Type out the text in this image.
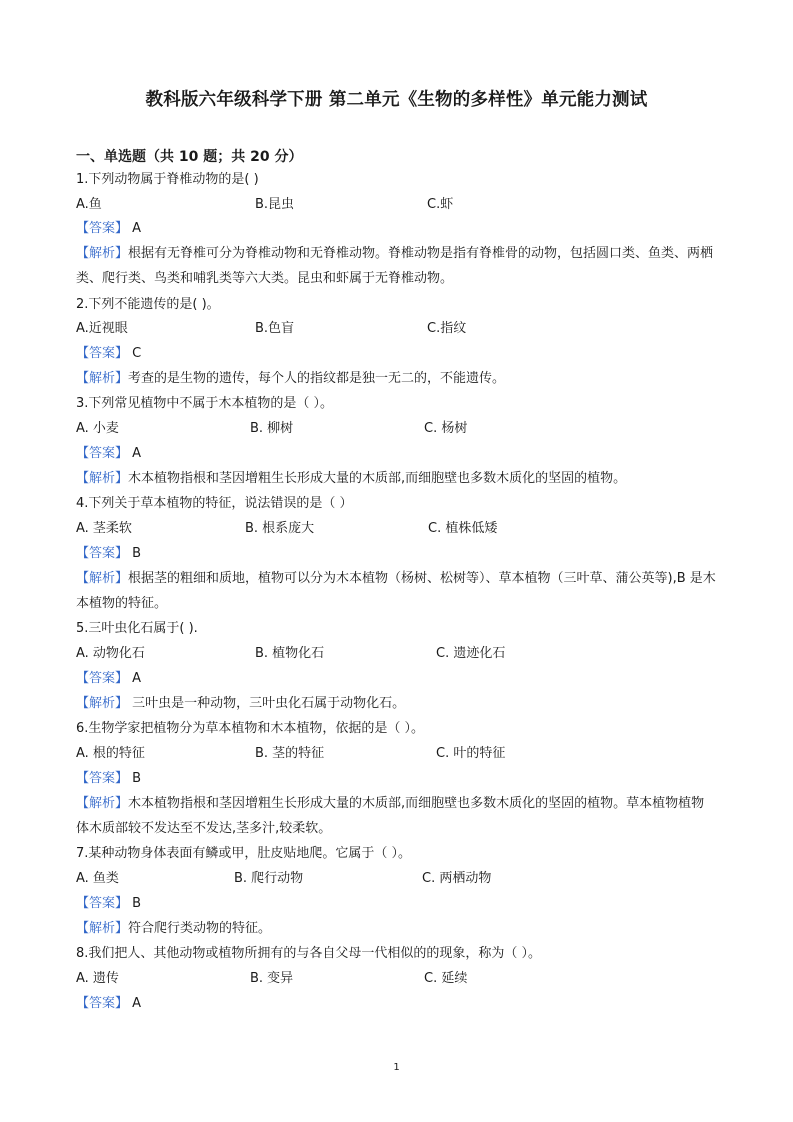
教科版六年级科学下册 第二单元《生物的多样性》单元能力测试
一、单选题（共 10 题；共 20 分）
1.下列动物属于脊椎动物的是( )
A.鱼	B.昆虫	C.虾
【答案】 A
【解析】根据有无脊椎可分为脊椎动物和无脊椎动物。脊椎动物是指有脊椎骨的动物，包括圆口类、鱼类、两栖类、爬行类、鸟类和哺乳类等六大类。昆虫和虾属于无脊椎动物。
2.下列不能遗传的是( )。
A.近视眼	B.色盲	C.指纹
【答案】 C
【解析】考查的是生物的遗传，每个人的指纹都是独一无二的，不能遗传。
3.下列常见植物中不属于木本植物的是（ ）。
A. 小麦	B. 柳树	C. 杨树
【答案】 A
【解析】木本植物指根和茎因增粗生长形成大量的木质部,而细胞壁也多数木质化的坚固的植物。
4.下列关于草本植物的特征，说法错误的是（ ）
A. 茎柔软	B. 根系庞大	C. 植株低矮
【答案】 B
【解析】根据茎的粗细和质地，植物可以分为木本植物（杨树、松树等）、草本植物（三叶草、蒲公英等),B 是木本植物的特征。
5.三叶虫化石属于( ).
A. 动物化石	B. 植物化石	C. 遗迹化石
【答案】 A
【解析】 三叶虫是一种动物，三叶虫化石属于动物化石。
6.生物学家把植物分为草本植物和木本植物，依据的是（ ）。
A. 根的特征	B. 茎的特征	C. 叶的特征
【答案】 B
【解析】木本植物指根和茎因增粗生长形成大量的木质部,而细胞壁也多数木质化的坚固的植物。草本植物植物体木质部较不发达至不发达,茎多汁,较柔软。
7.某种动物身体表面有鳞或甲，肚皮贴地爬。它属于（ ）。
A. 鱼类	B. 爬行动物	C. 两栖动物
【答案】 B
【解析】符合爬行类动物的特征。
8.我们把人、其他动物或植物所拥有的与各自父母一代相似的的现象，称为（ ）。
A. 遗传	B. 变异	C. 延续
【答案】 A
1
